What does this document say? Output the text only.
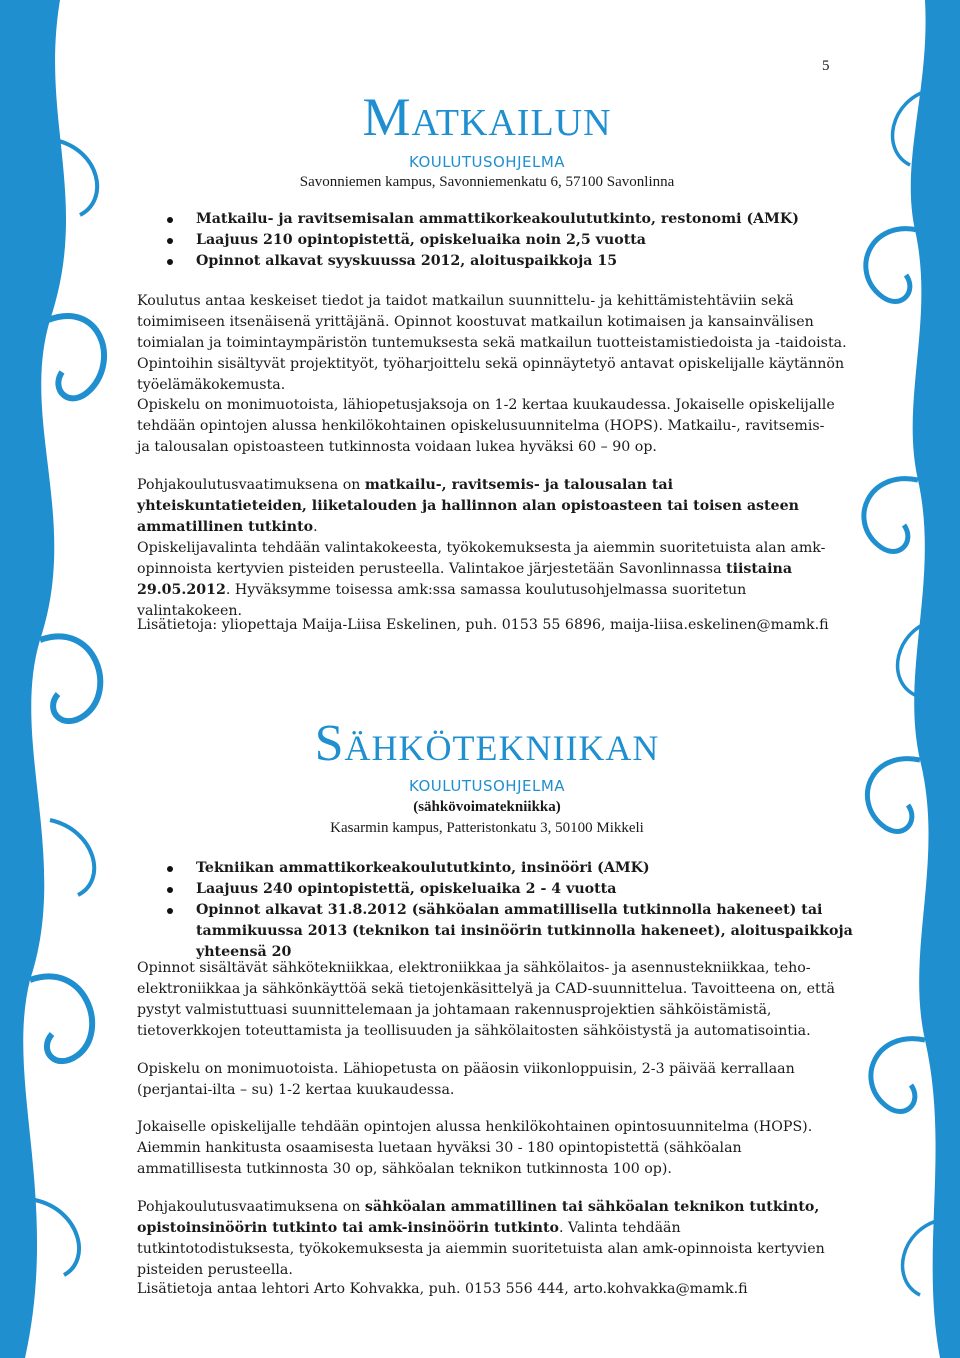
5
Matkailun
koulutusohjelma

Savonniemen kampus, Savonniemenkatu 6, 57100 Savonlinna

Matkailu- ja ravitsemisalan ammattikorkeakoulututkinto, restonomi (AMK)
Laajuus 210 opintopistettä, opiskeluaika noin 2,5 vuotta
Opinnot alkavat syyskuussa 2012, aloituspaikkoja 15

Koulutus antaa keskeiset tiedot ja taidot matkailun suunnittelu- ja kehittämistehtäviin sekä toimimiseen itsenäisenä yrittäjänä. Opinnot koostuvat matkailun kotimaisen ja kansainvälisen toimialan ja toimintaympäristön tuntemuksesta sekä matkailun tuotteistamistiedoista ja -taidoista. Opintoihin sisältyvät projektityöt, työharjoittelu sekä opinnäytetyö antavat opiskelijalle käytännön työelämäkokemusta.

Opiskelu on monimuotoista, lähiopetusjaksoja on 1-2 kertaa kuukaudessa. Jokaiselle opiskelijalle tehdään opintojen alussa henkilökohtainen opiskelusuunnitelma (HOPS). Matkailu-, ravitsemis- ja talousalan opistoasteen tutkinnosta voidaan lukea hyväksi 60 – 90 op.

Pohjakoulutusvaatimuksena on matkailu-, ravitsemis- ja talousalan tai yhteiskuntatieteiden, liiketalouden ja hallinnon alan opistoasteen tai toisen asteen ammatillinen tutkinto.

Opiskelijavalinta tehdään valintakokeesta, työkokemuksesta ja aiemmin suoritetuista alan amk-opinnoista kertyvien pisteiden perusteella. Valintakoe järjestetään Savonlinnassa tiistaina 29.05.2012. Hyväksymme toisessa amk:ssa samassa koulutusohjelmassa suoritetun valintakokeen.

Lisätietoja: yliopettaja Maija-Liisa Eskelinen, puh. 0153 55 6896, maija-liisa.eskelinen@mamk.fi

Sähkötekniikan
koulutusohjelma

(sähkövoimatekniikka)

Kasarmin kampus, Patteristonkatu 3, 50100 Mikkeli

Tekniikan ammattikorkeakoulututkinto, insinööri (AMK)
Laajuus 240 opintopistettä, opiskeluaika 2 - 4 vuotta
Opinnot alkavat 31.8.2012 (sähköalan ammatillisella tutkinnolla hakeneet) tai tammikuussa 2013 (teknikon tai insinöörin tutkinnolla hakeneet), aloituspaikkoja yhteensä 20

Opinnot sisältävät sähkötekniikkaa, elektroniikkaa ja sähkölaitos- ja asennustekniikkaa, teho-elektroniikkaa ja sähkönkäyttöä sekä tietojenkäsittelyä ja CAD-suunnittelua. Tavoitteena on, että pystyt valmistuttuasi suunnittelemaan ja johtamaan rakennusprojektien sähköistämistä, tietoverkkojen toteuttamista ja teollisuuden ja sähkölaitosten sähköistystä ja automatisointia.

Opiskelu on monimuotoista. Lähiopetusta on pääosin viikonloppuisin, 2-3 päivää kerrallaan (perjantai-ilta – su) 1-2 kertaa kuukaudessa.

Jokaiselle opiskelijalle tehdään opintojen alussa henkilökohtainen opintosuunnitelma (HOPS). Aiemmin hankitusta osaamisesta luetaan hyväksi 30 - 180 opintopistettä (sähköalan ammatillisesta tutkinnosta 30 op, sähköalan teknikon tutkinnosta 100 op).

Pohjakoulutusvaatimuksena on sähköalan ammatillinen tai sähköalan teknikon tutkinto, opistoinsinöörin tutkinto tai amk-insinöörin tutkinto. Valinta tehdään tutkintotodistuksesta, työkokemuksesta ja aiemmin suoritetuista alan amk-opinnoista kertyvien pisteiden perusteella.

Lisätietoja antaa lehtori Arto Kohvakka, puh. 0153 556 444, arto.kohvakka@mamk.fi
